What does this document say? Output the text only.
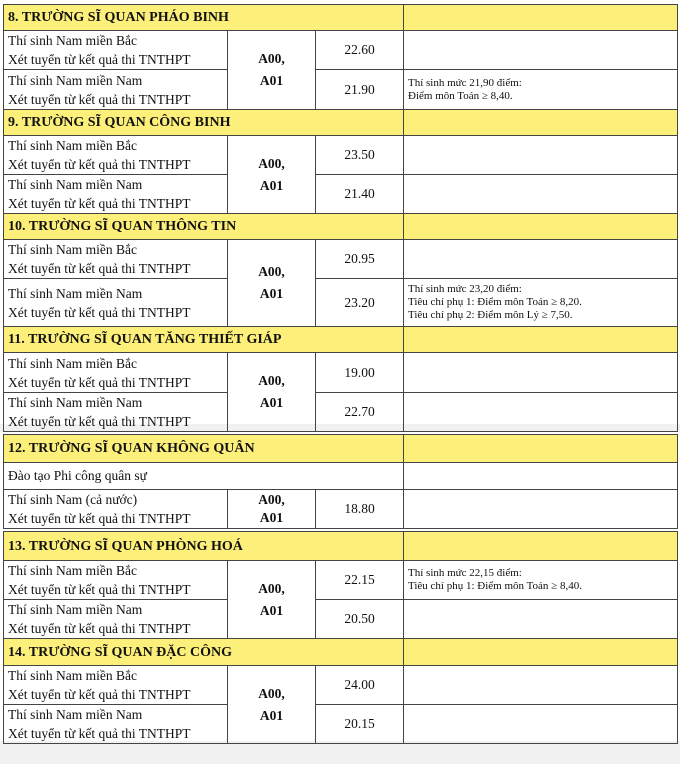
8. TRƯỜNG SĨ QUAN PHÁO BINH			

Thí sinh Nam miền Bắc
Xét tuyển từ kết quả thi TNTHPT	A00,
A01	22.60	

Thí sinh Nam miền Nam
Xét tuyển từ kết quả thi TNTHPT		21.90	Thí sinh mức 21,90 điểm:
Điểm môn Toán ≥ 8,40.

9. TRƯỜNG SĨ QUAN CÔNG BINH			

Thí sinh Nam miền Bắc
Xét tuyển từ kết quả thi TNTHPT	A00,
A01	23.50	

Thí sinh Nam miền Nam
Xét tuyển từ kết quả thi TNTHPT		21.40	
10. TRƯỜNG SĨ QUAN THÔNG TIN			

Thí sinh Nam miền Bắc
Xét tuyển từ kết quả thi TNTHPT	A00,
A01	20.95	

Thí sinh Nam miền Nam
Xét tuyển từ kết quả thi TNTHPT		23.20	Thí sinh mức 23,20 điểm:
Tiêu chí phụ 1: Điểm môn Toán ≥ 8,20.
Tiêu chí phụ 2: Điểm môn Lý ≥ 7,50.

11. TRƯỜNG SĨ QUAN TĂNG THIẾT GIÁP			

Thí sinh Nam miền Bắc
Xét tuyển từ kết quả thi TNTHPT	A00,
A01	19.00	

Thí sinh Nam miền Nam
Xét tuyển từ kết quả thi TNTHPT		22.70	
12. TRƯỜNG SĨ QUAN KHÔNG QUÂN			
Đào tạo Phi công quân sự			

Thí sinh Nam (cả nước)
Xét tuyển từ kết quả thi TNTHPT	A00,
A01	18.80	
13. TRƯỜNG SĨ QUAN PHÒNG HOÁ			

Thí sinh Nam miền Bắc
Xét tuyển từ kết quả thi TNTHPT	A00,
A01	22.15	Thí sinh mức 22,15 điểm:
Tiêu chí phụ 1: Điểm môn Toán ≥ 8,40.

Thí sinh Nam miền Nam
Xét tuyển từ kết quả thi TNTHPT		20.50	
14. TRƯỜNG SĨ QUAN ĐẶC CÔNG			

Thí sinh Nam miền Bắc
Xét tuyển từ kết quả thi TNTHPT	A00,
A01	24.00	

Thí sinh Nam miền Nam
Xét tuyển từ kết quả thi TNTHPT		20.15	
